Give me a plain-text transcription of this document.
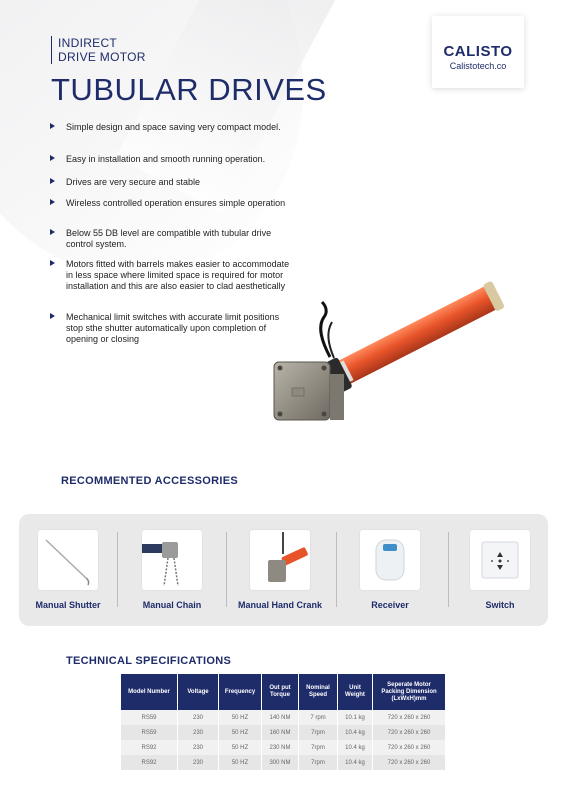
INDIRECT
DRIVE MOTOR
TUBULAR DRIVES
CALISTO
Calistotech.co
Simple design and space saving very compact model.
Easy in installation and smooth running operation.
Drives are very secure and stable
Wireless controlled operation ensures simple operation
Below 55 DB level are compatible with tubular drive control system.
Motors fitted with barrels makes easier to accommodate in less space where limited space is required for motor installation and this are also easier to clad aesthetically
Mechanical limit switches with accurate limit positions stop sthe shutter automatically upon completion of opening or closing
RECOMMENTED ACCESSORIES
Manual Shutter	Manual Chain	Manual Hand Crank	Receiver	Switch
TECHNICAL SPECIFICATIONS
Model Number	Voltage	Frequency	Out put Torque	Nominal Speed	Unit Weight	Seperate Motor Packing Dimension (LxWxH)mm
RS59	230	50 HZ	140 NM	7 rpm	10.1 kg	720 x 260 x 260
RS59	230	50 HZ	160 NM	7rpm	10.4 kg	720 x 260 x 260
RS92	230	50 HZ	230 NM	7rpm	10.4 kg	720 x 260 x 260
RS92	230	50 HZ	300 NM	7rpm	10.4 kg	720 x 260 x 260
